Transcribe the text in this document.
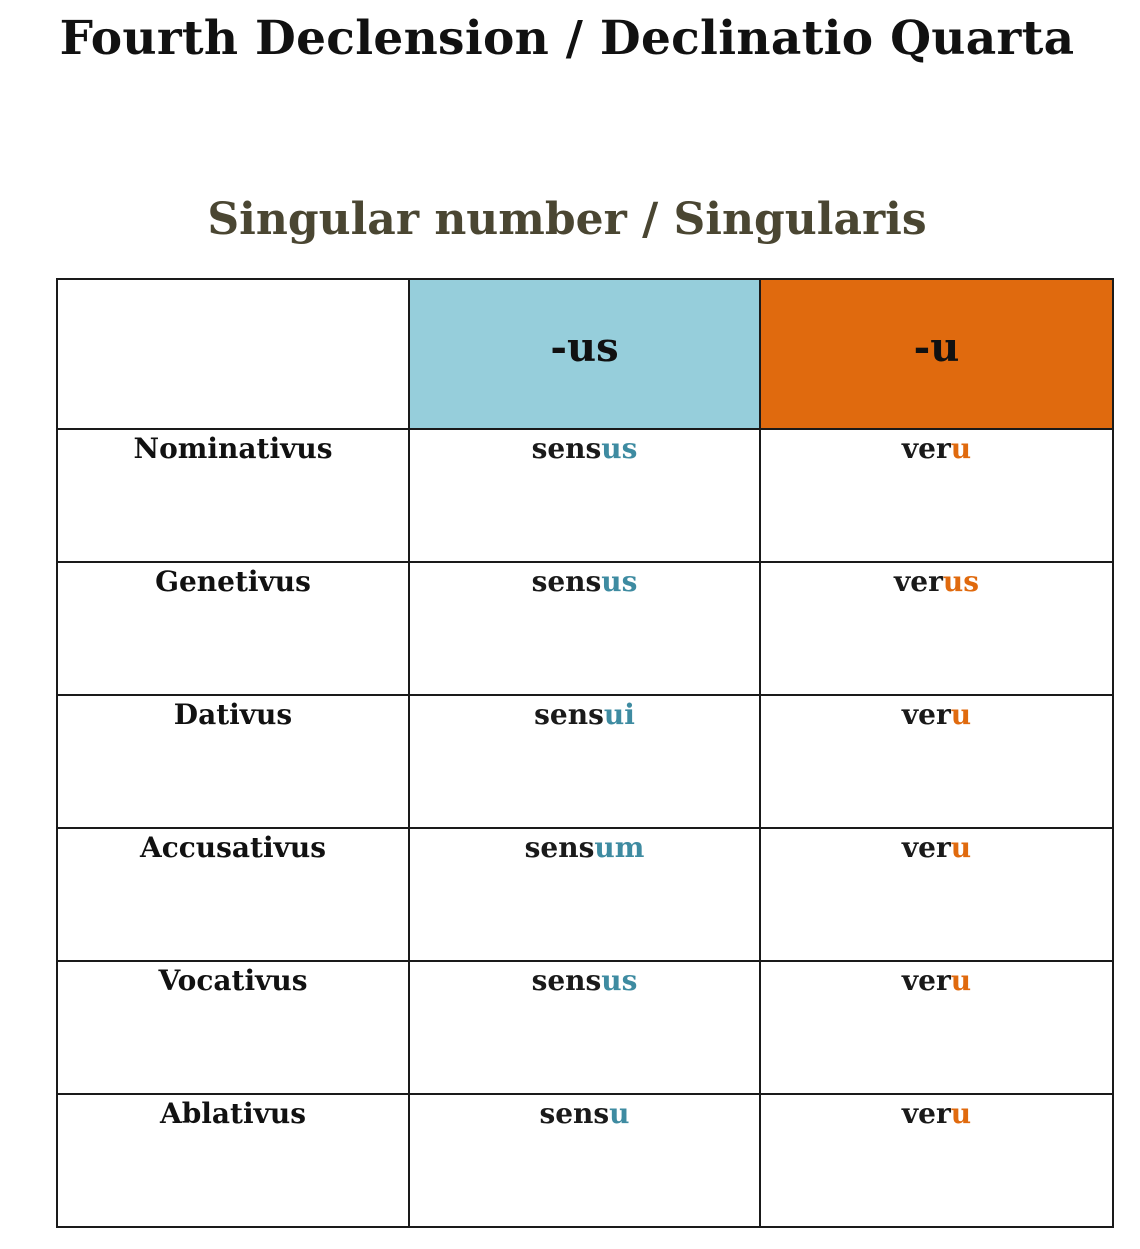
Fourth Declension / Declinatio Quarta
Singular number / Singularis
	-us	-u

Nominativus	sensus	veru

Genetivus	sensus	verus

Dativus	sensui	veru

Accusativus	sensum	veru

Vocativus	sensus	veru

Ablativus	sensu	veru
